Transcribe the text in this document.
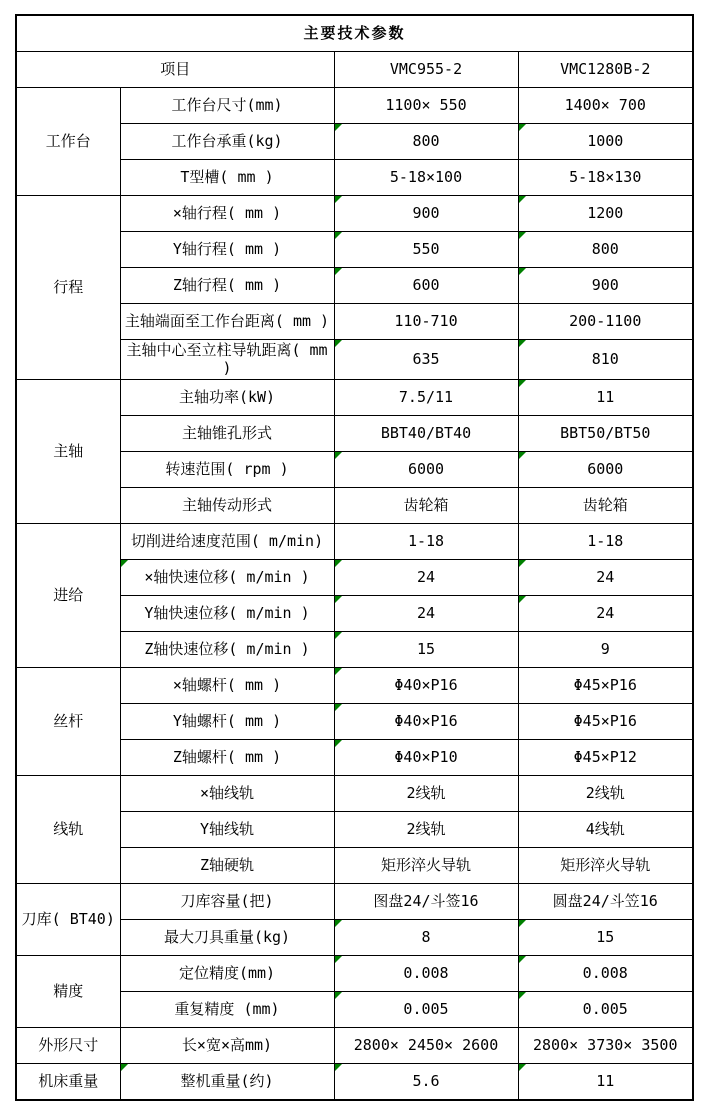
主要技术参数			
项目		VMC955-2	VMC1280B-2
工作台	工作台尺寸(mm)	1100× 550	1400× 700
	工作台承重(kg)	800	1000

	T型槽( mm )	5-18×100	5-18×130
行程	×轴行程( mm )	900	1200

	Y轴行程( mm )	550	800

	Z轴行程( mm )	600	900

	主轴端面至工作台距离( mm )	110-710	200-1100
	主轴中心至立柱导轨距离( mm )	635	810

主轴	主轴功率(kW)	7.5/11	11

	主轴锥孔形式	BBT40/BT40	BBT50/BT50
	转速范围( rpm )	6000	6000

	主轴传动形式	齿轮箱	齿轮箱
进给	切削进给速度范围( m/min)	1-18	1-18
	×轴快速位移( m/min )	24	24

	Y轴快速位移( m/min )	24	24

	Z轴快速位移( m/min )	15	9
丝杆	×轴螺杆( mm )	Φ40×P16	Φ45×P16
	Y轴螺杆( mm )	Φ40×P16	Φ45×P16
	Z轴螺杆( mm )	Φ40×P10	Φ45×P12
线轨	×轴线轨	2线轨	2线轨
	Y轴线轨	2线轨	4线轨
	Z轴硬轨	矩形淬火导轨	矩形淬火导轨
刀库( BT40)	刀库容量(把)	图盘24/斗签16	圆盘24/斗笠16
	最大刀具重量(kg)	8	15

精度	定位精度(mm)	0.008	0.008

	重复精度 (mm)	0.005	0.005

外形尺寸	长×宽×高mm)	2800× 2450× 2600	2800× 3730× 3500
机床重量	整机重量(约)	5.6	11
